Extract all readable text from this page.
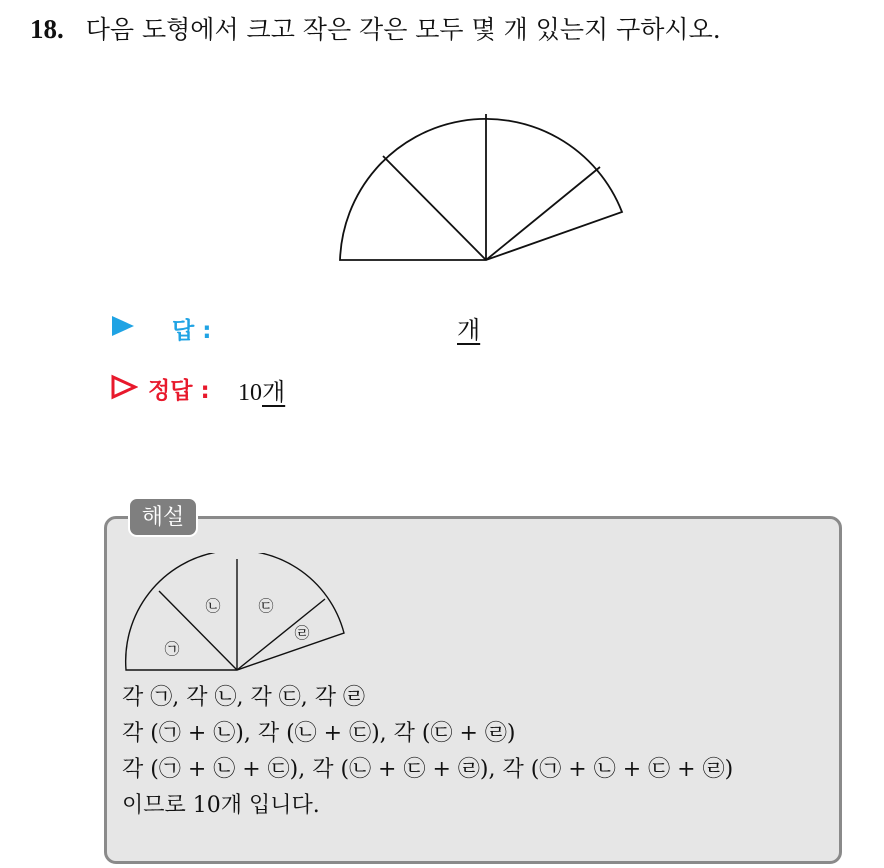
18. 다음 도형에서 크고 작은 각은 모두 몇 개 있는지 구하시오.
답 :	개
정답 : 10개
해설
㉠
㉡	㉢
㉣
각 ㉠, 각 ㉡, 각 ㉢, 각 ㉣
각 (㉠ + ㉡), 각 (㉡ + ㉢), 각 (㉢ + ㉣)
각 (㉠ + ㉡ + ㉢), 각 (㉡ + ㉢ + ㉣), 각 (㉠ + ㉡ + ㉢ + ㉣)
이므로 10개 입니다.
